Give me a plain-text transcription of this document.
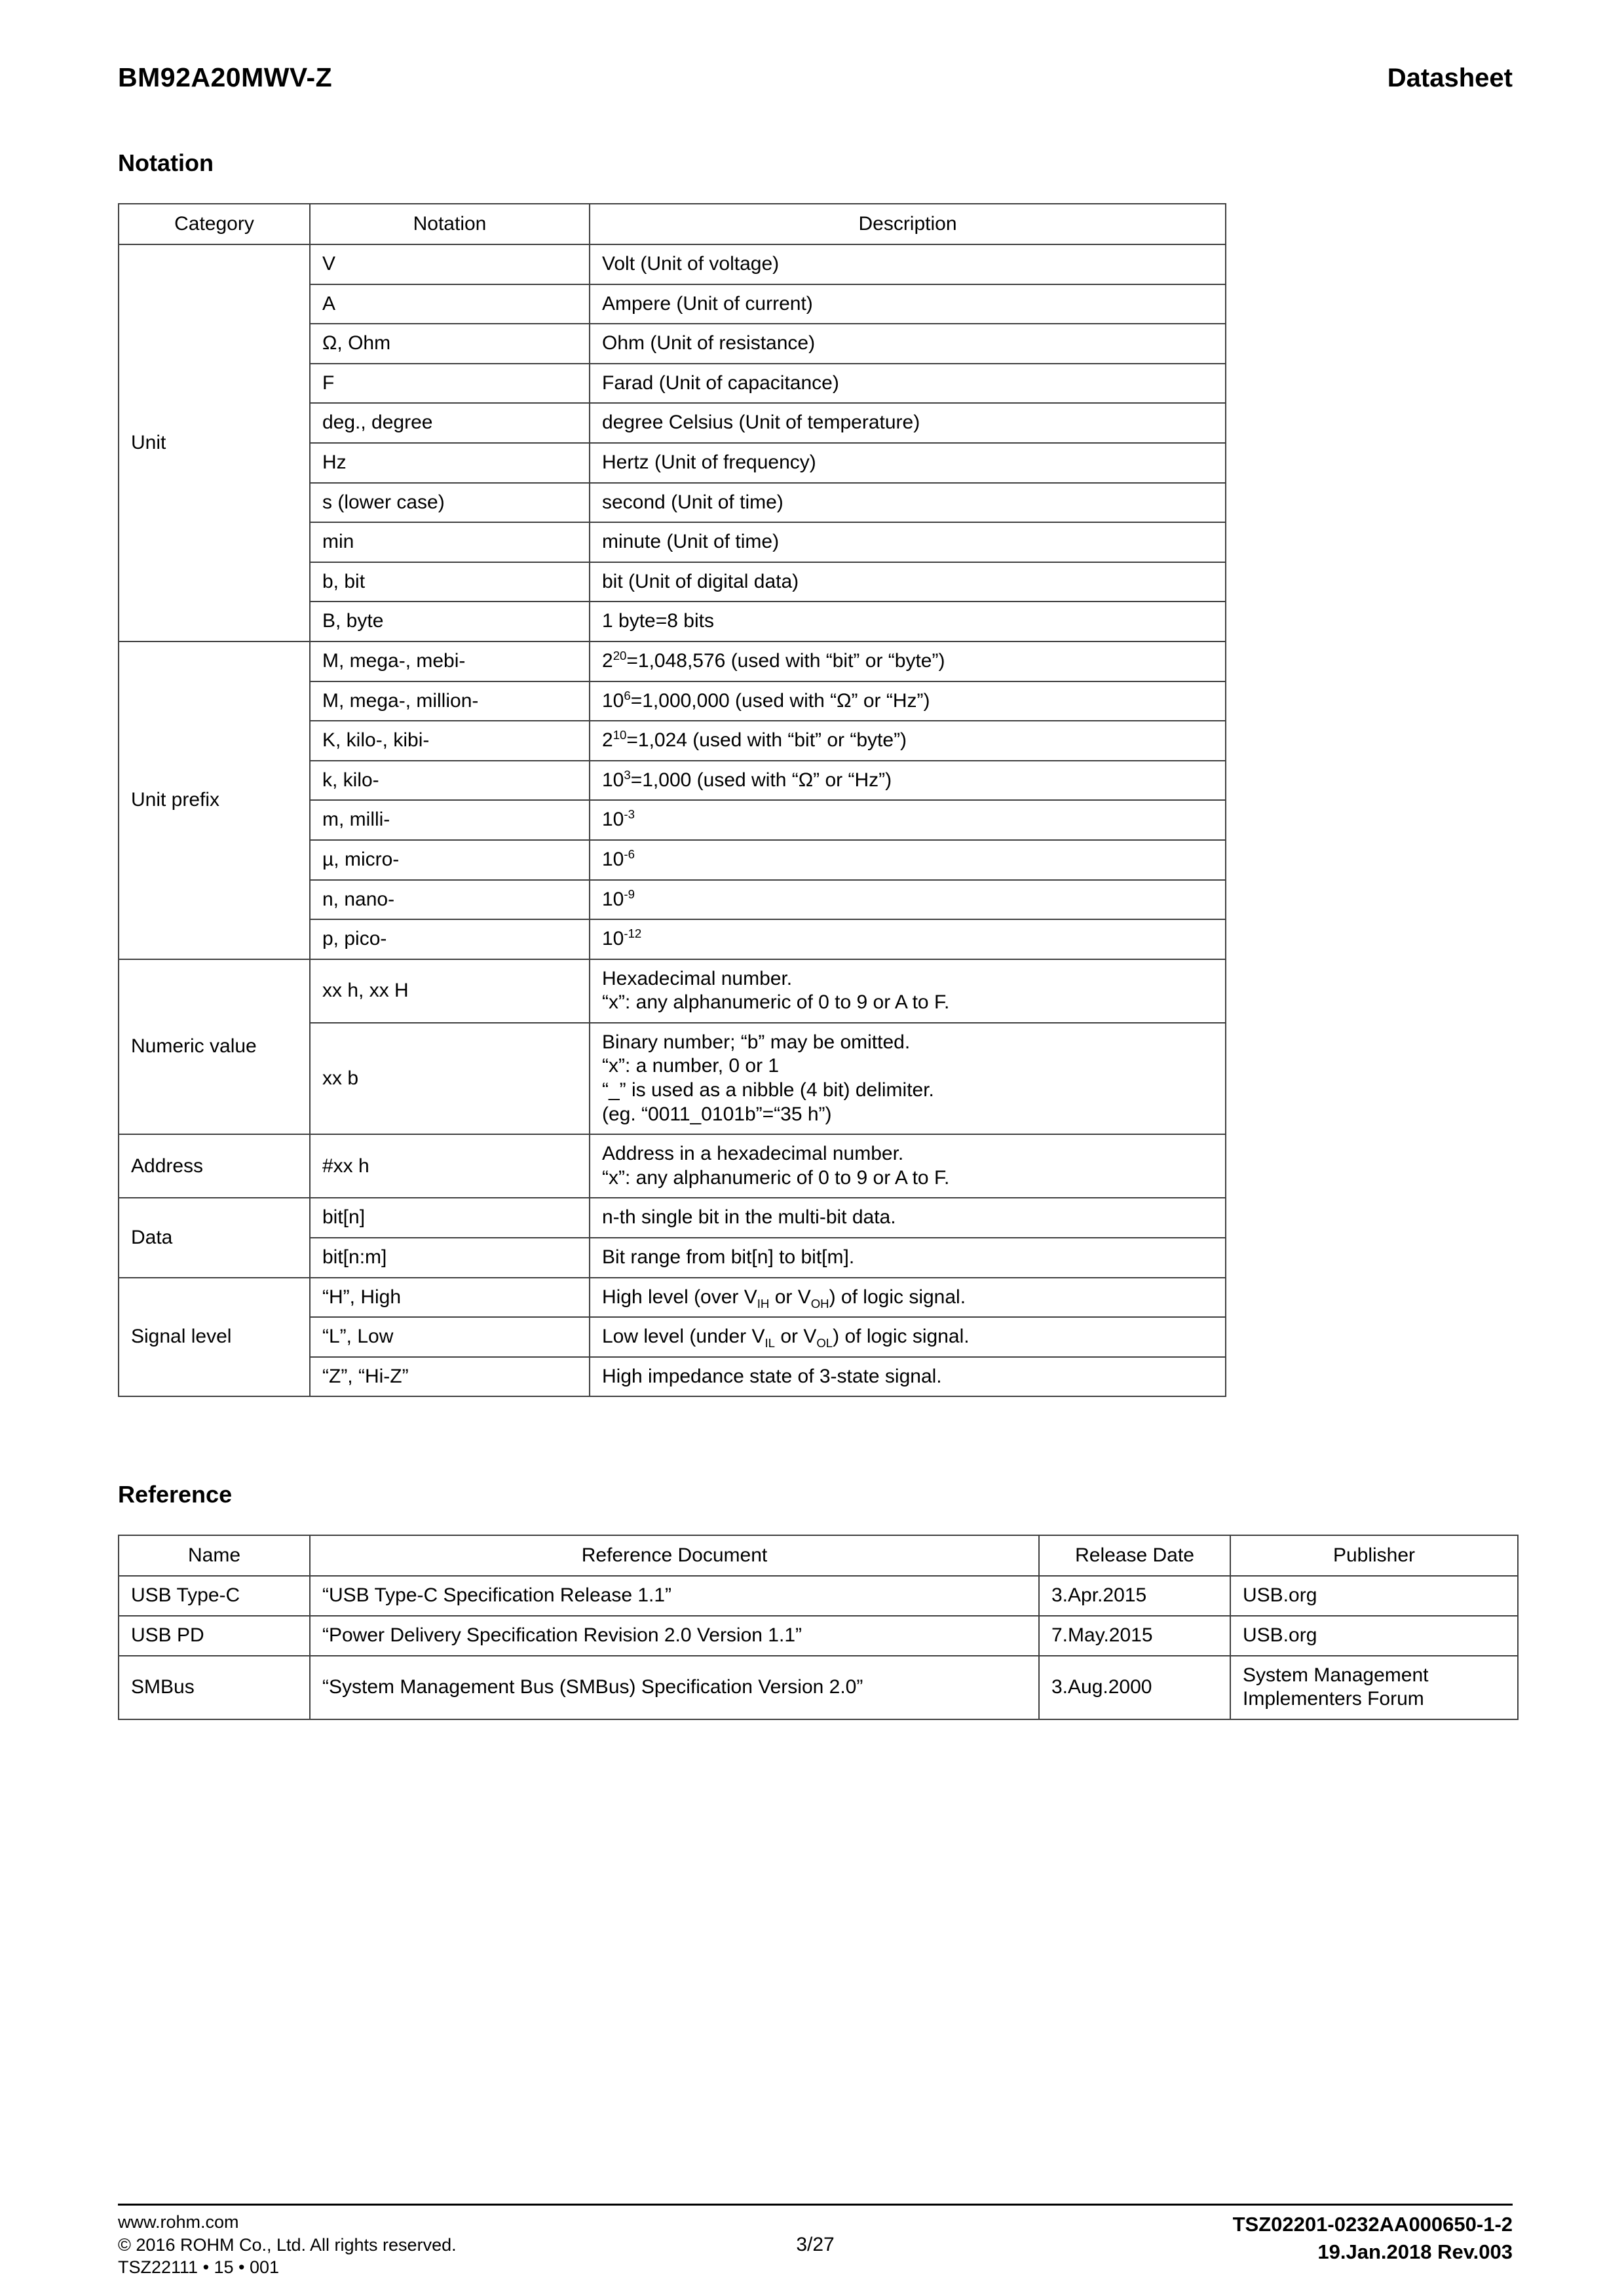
BM92A20MWV-Z	Datasheet
Notation
Category	Notation	Description
Unit	V	Volt (Unit of voltage)
	A	Ampere (Unit of current)
	Ω, Ohm	Ohm (Unit of resistance)
	F	Farad (Unit of capacitance)
	deg., degree	degree Celsius (Unit of temperature)
	Hz	Hertz (Unit of frequency)
	s (lower case)	second (Unit of time)
	min	minute (Unit of time)
	b, bit	bit (Unit of digital data)
	B, byte	1 byte=8 bits
Unit prefix	M, mega-, mebi-	$2^{20}=1,048,576$ (used with “bit” or “byte”)
	M, mega-, million-	$10^6=1,000,000$ (used with “Ω” or “Hz”)
	K, kilo-, kibi-	$2^{10}=1,024$ (used with “bit” or “byte”)
	k, kilo-	$10^3=1,000$ (used with “Ω” or “Hz”)
	m, milli-	$10^{-3}$
	µ, micro-	$10^{-6}$
	n, nano-	$10^{-9}$
	p, pico-	$10^{-12}$
Numeric value	xx h, xx H	Hexadecimal number.
“x”: any alphanumeric of 0 to 9 or A to F.
	xx b	Binary number; “b” may be omitted.
“x”: a number, 0 or 1
“_” is used as a nibble (4 bit) delimiter.
(eg. “0011_0101b”=“35 h”)
Address	#xx h	Address in a hexadecimal number.
“x”: any alphanumeric of 0 to 9 or A to F.
Data	bit[n]	n-th single bit in the multi-bit data.
	bit[n:m]	Bit range from bit[n] to bit[m].
Signal level	“H”, High	High level (over $V_{IH}$ or $V_{OH}$) of logic signal.
	“L”, Low	Low level (under $V_{IL}$ or $V_{OL}$) of logic signal.
	“Z”, “Hi-Z”	High impedance state of 3-state signal.
Reference
Name	Reference Document	Release Date	Publisher
USB Type-C	“USB Type-C Specification Release 1.1”	3.Apr.2015	USB.org
USB PD	“Power Delivery Specification Revision 2.0 Version 1.1”	7.May.2015	USB.org
SMBus	“System Management Bus (SMBus) Specification Version 2.0”	3.Aug.2000	System Management Implementers Forum
www.rohm.com
© 2016 ROHM Co., Ltd. All rights reserved.
TSZ22111 • 15 • 001
3/27
TSZ02201-0232AA000650-1-2
19.Jan.2018 Rev.003
